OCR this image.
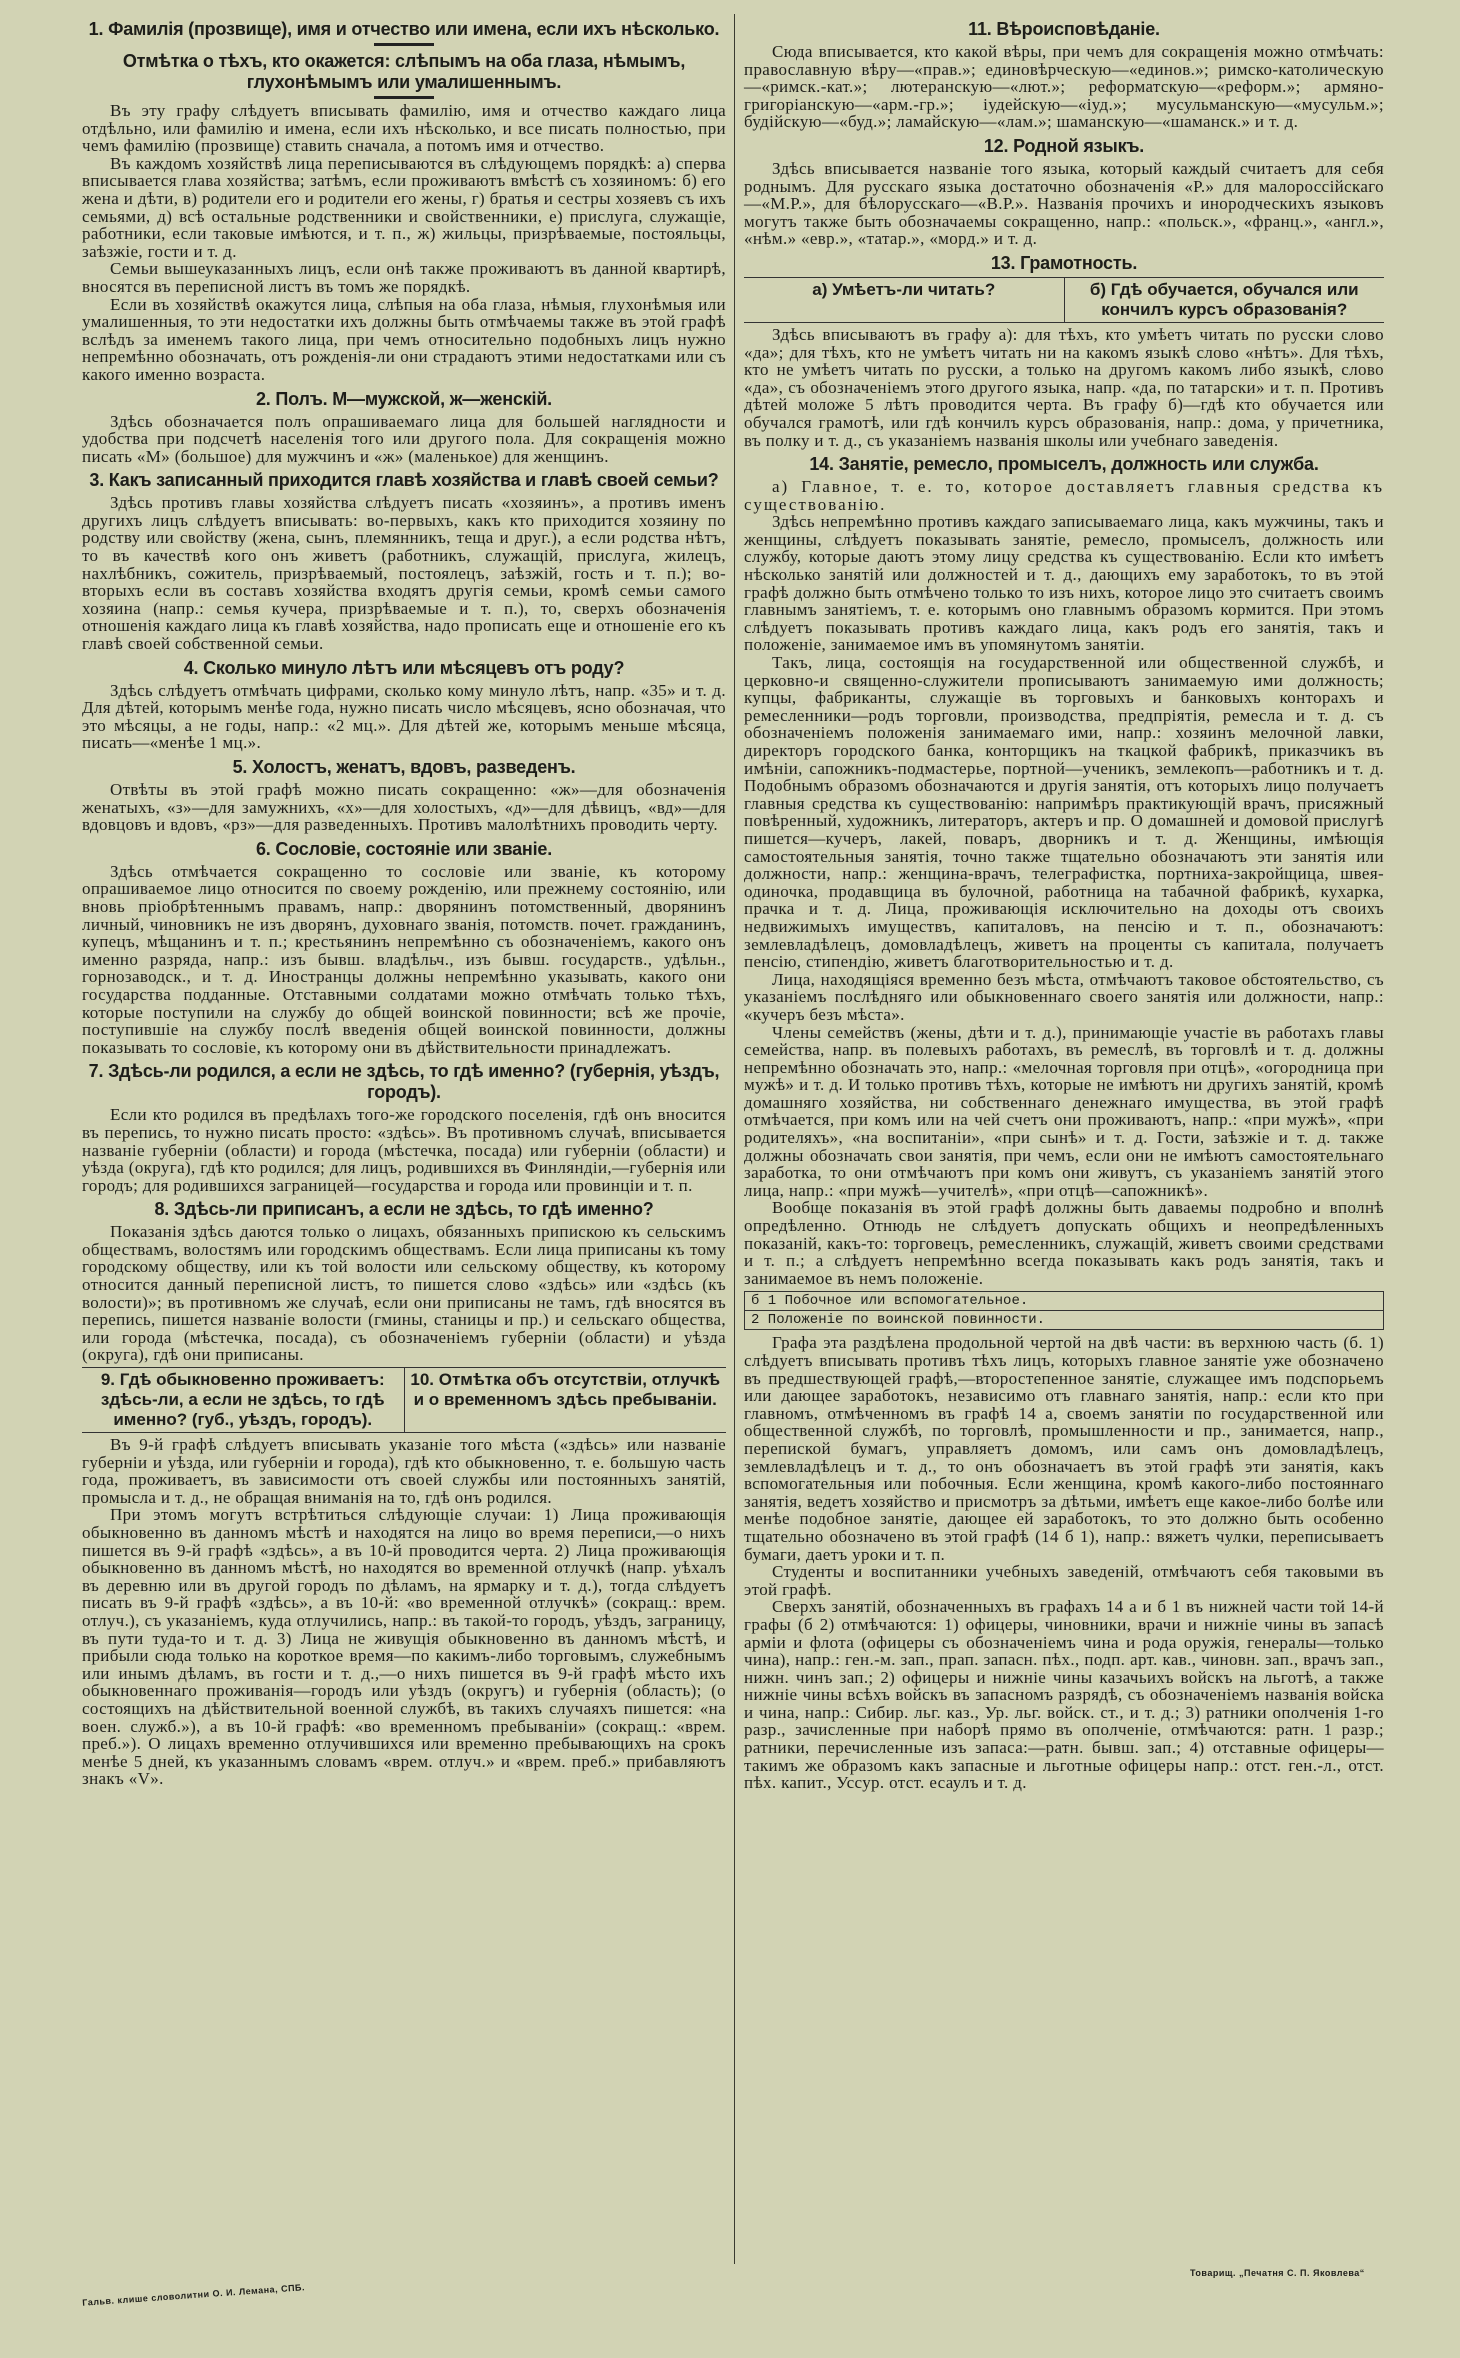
1. Фамилія (прозвище), имя и отчество или имена, если ихъ нѣсколько.
Отмѣтка о тѣхъ, кто окажется: слѣпымъ на оба глаза, нѣмымъ, глухонѣмымъ или умалишеннымъ.

Въ эту графу слѣдуетъ вписывать фамилію, имя и отчество каждаго лица отдѣльно, или фамилію и имена, если ихъ нѣсколько, и все писать полностью, при чемъ фамилію (прозвище) ставить сначала, а потомъ имя и отчество.

Въ каждомъ хозяйствѣ лица переписываются въ слѣдующемъ порядкѣ: а) сперва вписывается глава хозяйства; затѣмъ, если проживаютъ вмѣстѣ съ хозяиномъ: б) его жена и дѣти, в) родители его и родители его жены, г) братья и сестры хозяевъ съ ихъ семьями, д) всѣ остальные родственники и свойственники, е) прислуга, служащіе, работники, если таковые имѣются, и т. п., ж) жильцы, призрѣваемые, постояльцы, заѣзжіе, гости и т. д.

Семьи вышеуказанныхъ лицъ, если онѣ также проживаютъ въ данной квартирѣ, вносятся въ переписной листъ въ томъ же порядкѣ.

Если въ хозяйствѣ окажутся лица, слѣпыя на оба глаза, нѣмыя, глухонѣмыя или умалишенныя, то эти недостатки ихъ должны быть отмѣчаемы также въ этой графѣ вслѣдъ за именемъ такого лица, при чемъ относительно подобныхъ лицъ нужно непремѣнно обозначать, отъ рожденія-ли они страдаютъ этими недостатками или съ какого именно возраста.

2. Полъ. М—мужской, ж—женскій.

Здѣсь обозначается полъ опрашиваемаго лица для большей наглядности и удобства при подсчетѣ населенія того или другого пола. Для сокращенія можно писать «М» (большое) для мужчинъ и «ж» (маленькое) для женщинъ.

3. Какъ записанный приходится главѣ хозяйства и главѣ своей семьи?

Здѣсь противъ главы хозяйства слѣдуетъ писать «хозяинъ», а противъ именъ другихъ лицъ слѣдуетъ вписывать: во-первыхъ, какъ кто приходится хозяину по родству или свойству (жена, сынъ, племянникъ, теща и друг.), а если родства нѣтъ, то въ качествѣ кого онъ живетъ (работникъ, служащій, прислуга, жилецъ, нахлѣбникъ, сожитель, призрѣваемый, постоялецъ, заѣзжій, гость и т. п.); во-вторыхъ если въ составъ хозяйства входятъ другія семьи, кромѣ семьи самого хозяина (напр.: семья кучера, призрѣваемые и т. п.), то, сверхъ обозначенія отношенія каждаго лица къ главѣ хозяйства, надо прописать еще и отношеніе его къ главѣ своей собственной семьи.

4. Сколько минуло лѣтъ или мѣсяцевъ отъ роду?

Здѣсь слѣдуетъ отмѣчать цифрами, сколько кому минуло лѣтъ, напр. «35» и т. д. Для дѣтей, которымъ менѣе года, нужно писать число мѣсяцевъ, ясно обозначая, что это мѣсяцы, а не годы, напр.: «2 мц.». Для дѣтей же, которымъ меньше мѣсяца, писать—«менѣе 1 мц.».

5. Холостъ, женатъ, вдовъ, разведенъ.

Отвѣты въ этой графѣ можно писать сокращенно: «ж»—для обозначенія женатыхъ, «з»—для замужнихъ, «х»—для холостыхъ, «д»—для дѣвицъ, «вд»—для вдовцовъ и вдовъ, «рз»—для разведенныхъ. Противъ малолѣтнихъ проводить черту.

6. Сословіе, состояніе или званіе.

Здѣсь отмѣчается сокращенно то сословіе или званіе, къ которому опрашиваемое лицо относится по своему рожденію, или прежнему состоянію, или вновь пріобрѣтеннымъ правамъ, напр.: дворянинъ потомственный, дворянинъ личный, чиновникъ не изъ дворянъ, духовнаго званія, потомств. почет. гражданинъ, купецъ, мѣщанинъ и т. п.; крестьянинъ непремѣнно съ обозначеніемъ, какого онъ именно разряда, напр.: изъ бывш. владѣльч., изъ бывш. государств., удѣльн., горнозаводск., и т. д. Иностранцы должны непремѣнно указывать, какого они государства подданные. Отставными солдатами можно отмѣчать только тѣхъ, которые поступили на службу до общей воинской повинности; всѣ же прочіе, поступившіе на службу послѣ введенія общей воинской повинности, должны показывать то сословіе, къ которому они въ дѣйствительности принадлежатъ.

7. Здѣсь-ли родился, а если не здѣсь, то гдѣ именно? (губернія, уѣздъ, городъ).

Если кто родился въ предѣлахъ того-же городского поселенія, гдѣ онъ вносится въ перепись, то нужно писать просто: «здѣсь». Въ противномъ случаѣ, вписывается названіе губерніи (области) и города (мѣстечка, посада) или губерніи (области) и уѣзда (округа), гдѣ кто родился; для лицъ, родившихся въ Финляндіи,—губернія или городъ; для родившихся заграницей—государства и города или провинціи и т. п.

8. Здѣсь-ли приписанъ, а если не здѣсь, то гдѣ именно?

Показанія здѣсь даются только о лицахъ, обязанныхъ припискою къ сельскимъ обществамъ, волостямъ или городскимъ обществамъ. Если лица приписаны къ тому городскому обществу, или къ той волости или сельскому обществу, къ которому относится данный переписной листъ, то пишется слово «здѣсь» или «здѣсь (къ волости)»; въ противномъ же случаѣ, если они приписаны не тамъ, гдѣ вносятся въ перепись, пишется названіе волости (гмины, станицы и пр.) и сельскаго общества, или города (мѣстечка, посада), съ обозначеніемъ губерніи (области) и уѣзда (округа), гдѣ они приписаны.

9. Гдѣ обыкновенно проживаетъ: здѣсь-ли, а если не здѣсь, то гдѣ именно? (губ., уѣздъ, городъ).
10. Отмѣтка объ отсутствіи, отлучкѣ и о временномъ здѣсь пребываніи.

Въ 9-й графѣ слѣдуетъ вписывать указаніе того мѣста («здѣсь» или названіе губерніи и уѣзда, или губерніи и города), гдѣ кто обыкновенно, т. е. большую часть года, проживаетъ, въ зависимости отъ своей службы или постоянныхъ занятій, промысла и т. д., не обращая вниманія на то, гдѣ онъ родился.

При этомъ могутъ встрѣтиться слѣдующіе случаи: 1) Лица проживающія обыкновенно въ данномъ мѣстѣ и находятся на лицо во время переписи,—о нихъ пишется въ 9-й графѣ «здѣсь», а въ 10-й проводится черта. 2) Лица проживающія обыкновенно въ данномъ мѣстѣ, но находятся во временной отлучкѣ (напр. уѣхалъ въ деревню или въ другой городъ по дѣламъ, на ярмарку и т. д.), тогда слѣдуетъ писать въ 9-й графѣ «здѣсь», а въ 10-й: «во временной отлучкѣ» (сокращ.: врем. отлуч.), съ указаніемъ, куда отлучились, напр.: въ такой-то городъ, уѣздъ, заграницу, въ пути туда-то и т. д. 3) Лица не живущія обыкновенно въ данномъ мѣстѣ, и прибыли сюда только на короткое время—по какимъ-либо торговымъ, служебнымъ или инымъ дѣламъ, въ гости и т. д.,—о нихъ пишется въ 9-й графѣ мѣсто ихъ обыкновеннаго проживанія—городъ или уѣздъ (округъ) и губернія (область); (о состоящихъ на дѣйствительной военной службѣ, въ такихъ случаяхъ пишется: «на воен. служб.»), а въ 10-й графѣ: «во временномъ пребываніи» (сокращ.: «врем. преб.»). О лицахъ временно отлучившихся или временно пребывающихъ на срокъ менѣе 5 дней, къ указаннымъ словамъ «врем. отлуч.» и «врем. преб.» прибавляютъ знакъ «V».

11. Вѣроисповѣданіе.

Сюда вписывается, кто какой вѣры, при чемъ для сокращенія можно отмѣчать: православную вѣру—«прав.»; единовѣрческую—«единов.»; римско-католическую—«римск.-кат.»; лютеранскую—«лют.»; реформатскую—«реформ.»; армяно-григоріанскую—«арм.-гр.»; іудейскую—«іуд.»; мусульманскую—«мусульм.»; будійскую—«буд.»; ламайскую—«лам.»; шаманскую—«шаманск.» и т. д.

12. Родной языкъ.

Здѣсь вписывается названіе того языка, который каждый считаетъ для себя роднымъ. Для русскаго языка достаточно обозначенія «Р.» для малороссійскаго—«М.Р.», для бѣлорусскаго—«В.Р.». Названія прочихъ и инородческихъ языковъ могутъ также быть обозначаемы сокращенно, напр.: «польск.», «франц.», «англ.», «нѣм.» «евр.», «татар.», «морд.» и т. д.

13. Грамотность.
а) Умѣетъ-ли читать?	б) Гдѣ обучается, обучался или кончилъ курсъ образованія?

Здѣсь вписываютъ въ графу а): для тѣхъ, кто умѣетъ читать по русски слово «да»; для тѣхъ, кто не умѣетъ читать ни на какомъ языкѣ слово «нѣтъ». Для тѣхъ, кто не умѣетъ читать по русски, а только на другомъ какомъ либо языкѣ, слово «да», съ обозначеніемъ этого другого языка, напр. «да, по татарски» и т. п. Противъ дѣтей моложе 5 лѣтъ проводится черта. Въ графу б)—гдѣ кто обучается или обучался грамотѣ, или гдѣ кончилъ курсъ образованія, напр.: дома, у причетника, въ полку и т. д., съ указаніемъ названія школы или учебнаго заведенія.

14. Занятіе, ремесло, промыселъ, должность или служба.

а) Главное, т. е. то, которое доставляетъ главныя средства къ существованію.

Здѣсь непремѣнно противъ каждаго записываемаго лица, какъ мужчины, такъ и женщины, слѣдуетъ показывать занятіе, ремесло, промыселъ, должность или службу, которые даютъ этому лицу средства къ существованію. Если кто имѣетъ нѣсколько занятій или должностей и т. д., дающихъ ему заработокъ, то въ этой графѣ должно быть отмѣчено только то изъ нихъ, которое лицо это считаетъ своимъ главнымъ занятіемъ, т. е. которымъ оно главнымъ образомъ кормится. При этомъ слѣдуетъ показывать противъ каждаго лица, какъ родъ его занятія, такъ и положеніе, занимаемое имъ въ упомянутомъ занятіи.

Такъ, лица, состоящія на государственной или общественной службѣ, и церковно-и священно-служители прописываютъ занимаемую ими должность; купцы, фабриканты, служащіе въ торговыхъ и банковыхъ конторахъ и ремесленники—родъ торговли, производства, предпріятія, ремесла и т. д. съ обозначеніемъ положенія занимаемаго ими, напр.: хозяинъ мелочной лавки, директоръ городского банка, конторщикъ на ткацкой фабрикѣ, приказчикъ въ имѣніи, сапожникъ-подмастерье, портной—ученикъ, землекопъ—работникъ и т. д. Подобнымъ образомъ обозначаются и другія занятія, отъ которыхъ лицо получаетъ главныя средства къ существованію: напримѣръ практикующій врачъ, присяжный повѣренный, художникъ, литераторъ, актеръ и пр. О домашней и домовой прислугѣ пишется—кучеръ, лакей, поваръ, дворникъ и т. д. Женщины, имѣющія самостоятельныя занятія, точно также тщательно обозначаютъ эти занятія или должности, напр.: женщина-врачъ, телеграфистка, портниха-закройщица, швея-одиночка, продавщица въ булочной, работница на табачной фабрикѣ, кухарка, прачка и т. д. Лица, проживающія исключительно на доходы отъ своихъ недвижимыхъ имуществъ, капиталовъ, на пенсію и т. п., обозначаютъ: землевладѣлецъ, домовладѣлецъ, живетъ на проценты съ капитала, получаетъ пенсію, стипендію, живетъ благотворительностью и т. д.

Лица, находящіяся временно безъ мѣста, отмѣчаютъ таковое обстоятельство, съ указаніемъ послѣдняго или обыкновеннаго своего занятія или должности, напр.: «кучеръ безъ мѣста».

Члены семействъ (жены, дѣти и т. д.), принимающіе участіе въ работахъ главы семейства, напр. въ полевыхъ работахъ, въ ремеслѣ, въ торговлѣ и т. д. должны непремѣнно обозначать это, напр.: «мелочная торговля при отцѣ», «огородница при мужѣ» и т. д. И только противъ тѣхъ, которые не имѣютъ ни другихъ занятій, кромѣ домашняго хозяйства, ни собственнаго денежнаго имущества, въ этой графѣ отмѣчается, при комъ или на чей счетъ они проживаютъ, напр.: «при мужѣ», «при родителяхъ», «на воспитаніи», «при сынѣ» и т. д. Гости, заѣзжіе и т. д. также должны обозначать свои занятія, при чемъ, если они не имѣютъ самостоятельнаго заработка, то они отмѣчаютъ при комъ они живутъ, съ указаніемъ занятій этого лица, напр.: «при мужѣ—учителѣ», «при отцѣ—сапожникѣ».

Вообще показанія въ этой графѣ должны быть даваемы подробно и вполнѣ опредѣленно. Отнюдь не слѣдуетъ допускать общихъ и неопредѣленныхъ показаній, какъ-то: торговецъ, ремесленникъ, служащій, живетъ своими средствами и т. п.; а слѣдуетъ непремѣнно всегда показывать какъ родъ занятія, такъ и занимаемое въ немъ положеніе.

б 1 Побочное или вспомогательное.
2 Положеніе по воинской повинности.

Графа эта раздѣлена продольной чертой на двѣ части: въ верхнюю часть (б. 1) слѣдуетъ вписывать противъ тѣхъ лицъ, которыхъ главное занятіе уже обозначено въ предшествующей графѣ,—второстепенное занятіе, служащее имъ подспорьемъ или дающее заработокъ, независимо отъ главнаго занятія, напр.: если кто при главномъ, отмѣченномъ въ графѣ 14 а, своемъ занятіи по государственной или общественной службѣ, по торговлѣ, промышленности и пр., занимается, напр., перепиской бумагъ, управляетъ домомъ, или самъ онъ домовладѣлецъ, землевладѣлецъ и т. д., то онъ обозначаетъ въ этой графѣ эти занятія, какъ вспомогательныя или побочныя. Если женщина, кромѣ какого-либо постояннаго занятія, ведетъ хозяйство и присмотръ за дѣтьми, имѣетъ еще какое-либо болѣе или менѣе подобное занятіе, дающее ей заработокъ, то это должно быть особенно тщательно обозначено въ этой графѣ (14 б 1), напр.: вяжетъ чулки, переписываетъ бумаги, даетъ уроки и т. п.

Студенты и воспитанники учебныхъ заведеній, отмѣчаютъ себя таковыми въ этой графѣ.

Сверхъ занятій, обозначенныхъ въ графахъ 14 а и б 1 въ нижней части той 14-й графы (б 2) отмѣчаются: 1) офицеры, чиновники, врачи и нижніе чины въ запасѣ арміи и флота (офицеры съ обозначеніемъ чина и рода оружія, генералы—только чина), напр.: ген.-м. зап., прап. запасн. пѣх., подп. арт. кав., чиновн. зап., врачъ зап., нижн. чинъ зап.; 2) офицеры и нижніе чины казачьихъ войскъ на льготѣ, а также нижніе чины всѣхъ войскъ въ запасномъ разрядѣ, съ обозначеніемъ названія войска и чина, напр.: Сибир. льг. каз., Ур. льг. войск. ст., и т. д.; 3) ратники ополченія 1-го разр., зачисленные при наборѣ прямо въ ополченіе, отмѣчаются: ратн. 1 разр.; ратники, перечисленные изъ запаса:—ратн. бывш. зап.; 4) отставные офицеры—такимъ же образомъ какъ запасные и льготные офицеры напр.: отст. ген.-л., отст. пѣх. капит., Уссур. отст. есаулъ и т. д.

Гальв. клише словолитни О. И. Лемана, СПБ.
Товарищ. „Печатня С. П. Яковлева“
